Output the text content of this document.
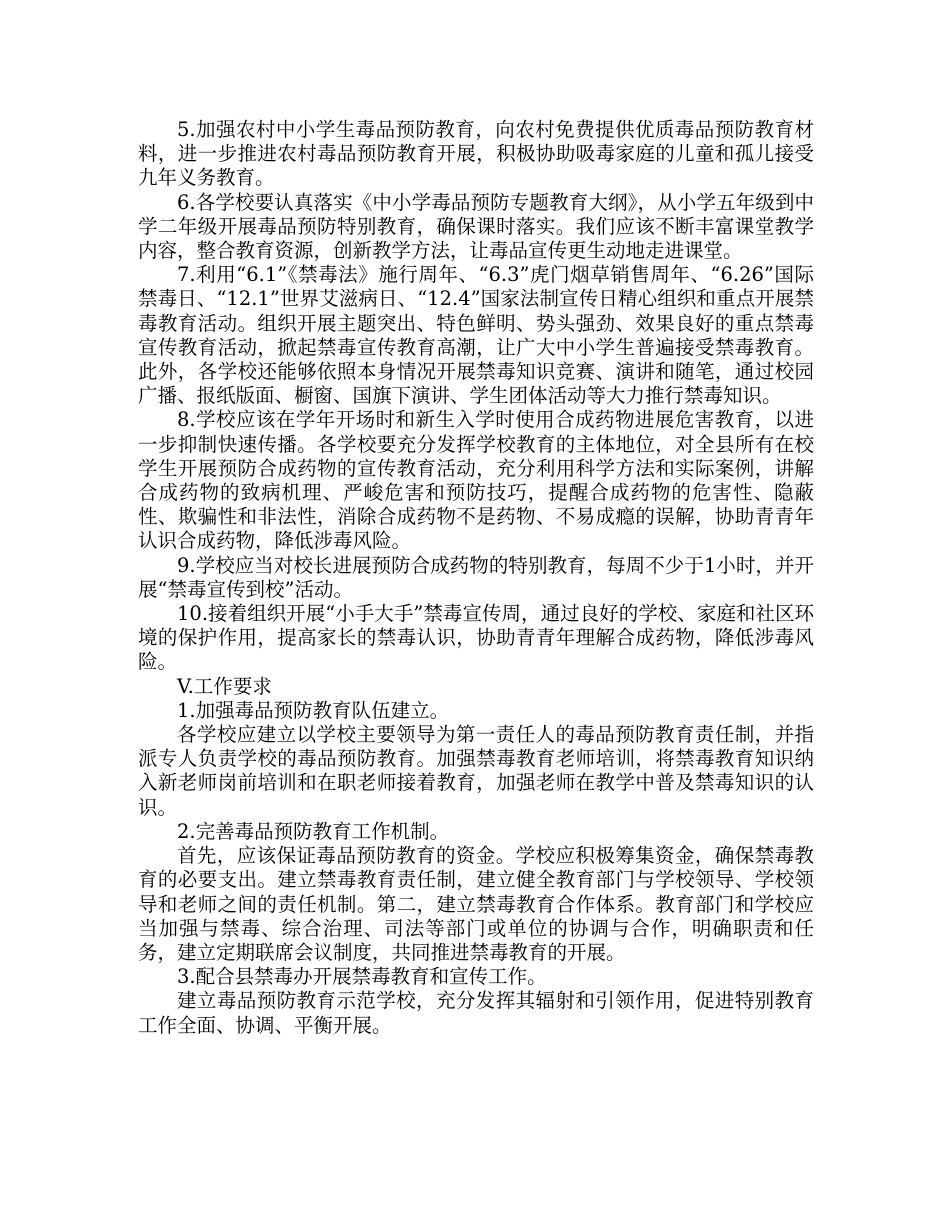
5.加强农村中小学生毒品预防教育，向农村免费提供优质毒品预防教育材料，进一步推进农村毒品预防教育开展，积极协助吸毒家庭的儿童和孤儿接受九年义务教育。

6.各学校要认真落实《中小学毒品预防专题教育大纲》，从小学五年级到中学二年级开展毒品预防特别教育，确保课时落实。我们应该不断丰富课堂教学内容，整合教育资源，创新教学方法，让毒品宣传更生动地走进课堂。

7.利用“6.1”《禁毒法》施行周年、“6.3”虎门烟草销售周年、“6.26”国际禁毒日、“12.1”世界艾滋病日、“12.4”国家法制宣传日精心组织和重点开展禁毒教育活动。组织开展主题突出、特色鲜明、势头强劲、效果良好的重点禁毒宣传教育活动，掀起禁毒宣传教育高潮，让广大中小学生普遍接受禁毒教育。此外，各学校还能够依照本身情况开展禁毒知识竞赛、演讲和随笔，通过校园广播、报纸版面、橱窗、国旗下演讲、学生团体活动等大力推行禁毒知识。

8.学校应该在学年开场时和新生入学时使用合成药物进展危害教育，以进一步抑制快速传播。各学校要充分发挥学校教育的主体地位，对全县所有在校学生开展预防合成药物的宣传教育活动，充分利用科学方法和实际案例，讲解合成药物的致病机理、严峻危害和预防技巧，提醒合成药物的危害性、隐蔽性、欺骗性和非法性，消除合成药物不是药物、不易成瘾的误解，协助青青年认识合成药物，降低涉毒风险。

9.学校应当对校长进展预防合成药物的特别教育，每周不少于1小时，并开展“禁毒宣传到校”活动。

10.接着组织开展“小手大手”禁毒宣传周，通过良好的学校、家庭和社区环境的保护作用，提高家长的禁毒认识，协助青青年理解合成药物，降低涉毒风险。

V.工作要求

1.加强毒品预防教育队伍建立。

各学校应建立以学校主要领导为第一责任人的毒品预防教育责任制，并指派专人负责学校的毒品预防教育。加强禁毒教育老师培训，将禁毒教育知识纳入新老师岗前培训和在职老师接着教育，加强老师在教学中普及禁毒知识的认识。

2.完善毒品预防教育工作机制。

首先，应该保证毒品预防教育的资金。学校应积极筹集资金，确保禁毒教育的必要支出。建立禁毒教育责任制，建立健全教育部门与学校领导、学校领导和老师之间的责任机制。第二，建立禁毒教育合作体系。教育部门和学校应当加强与禁毒、综合治理、司法等部门或单位的协调与合作，明确职责和任务，建立定期联席会议制度，共同推进禁毒教育的开展。

3.配合县禁毒办开展禁毒教育和宣传工作。

建立毒品预防教育示范学校，充分发挥其辐射和引领作用，促进特别教育工作全面、协调、平衡开展。
